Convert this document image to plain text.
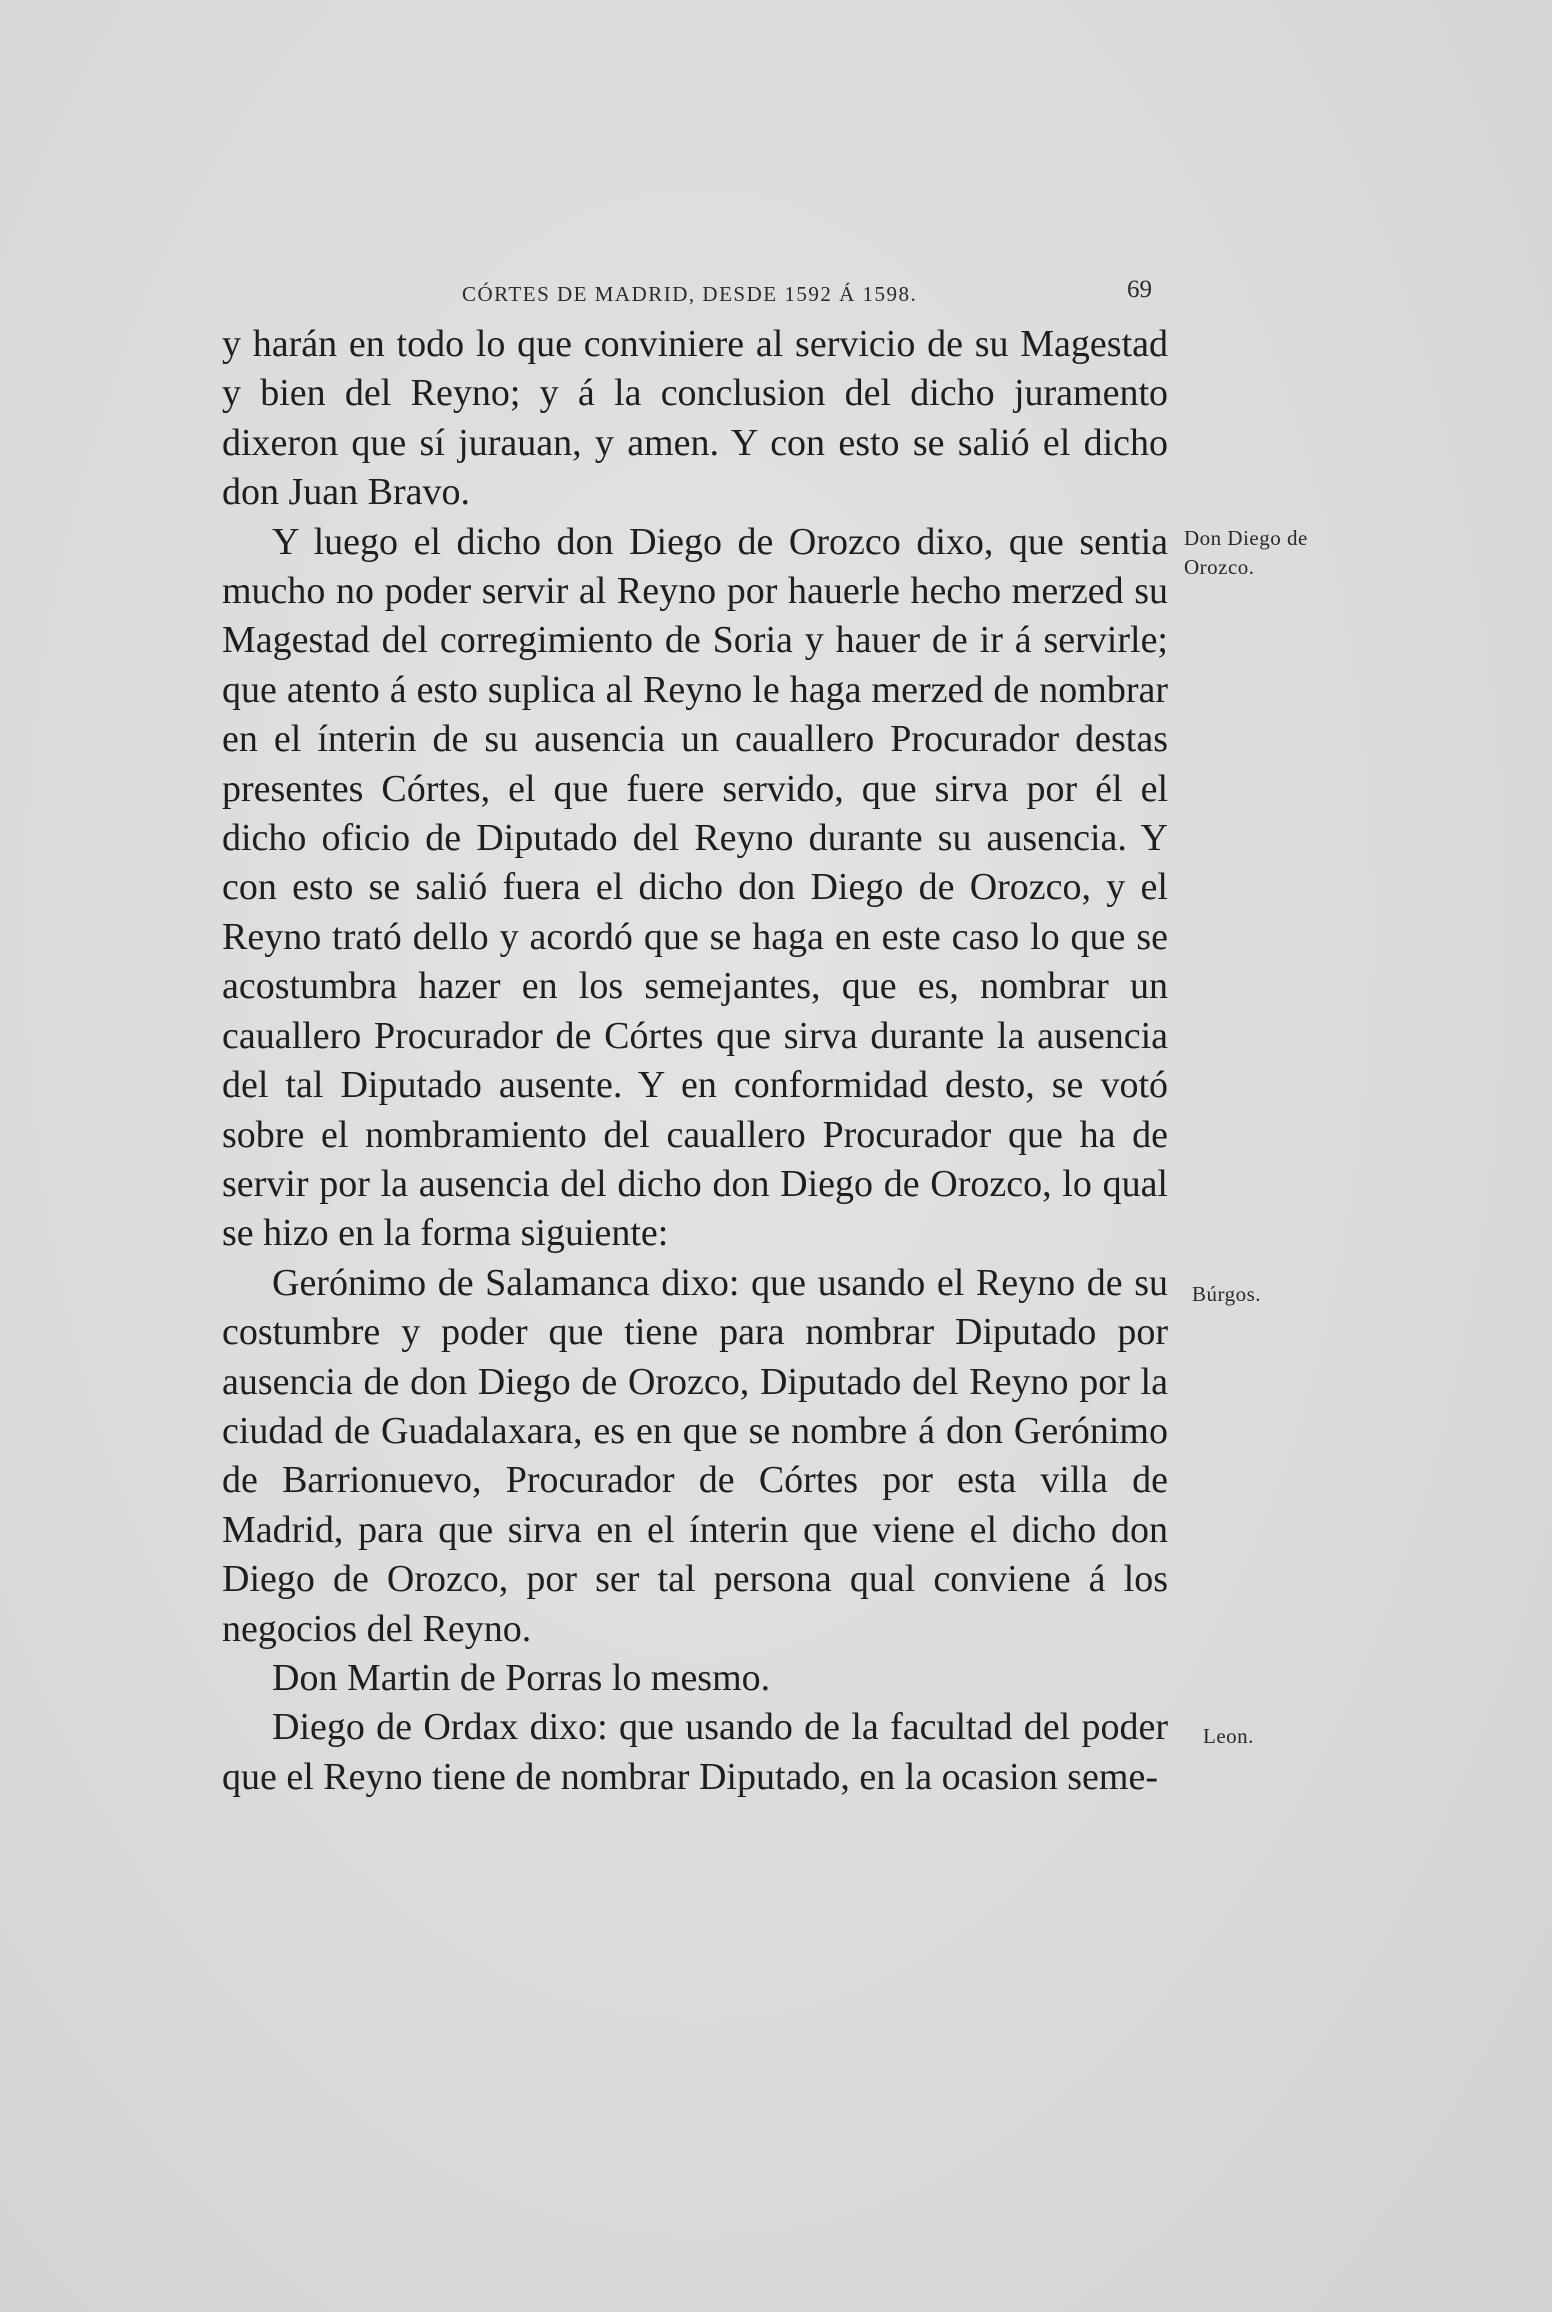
CÓRTES DE MADRID, DESDE 1592 Á 1598.	69

y harán en todo lo que conviniere al servicio de su Magestad y bien del Reyno; y á la conclusion del dicho juramento dixeron que sí jurauan, y amen. Y con esto se salió el dicho don Juan Bravo.

Y luego el dicho don Diego de Orozco dixo, que sentia mucho no poder servir al Reyno por hauerle hecho merzed su Magestad del corregimiento de Soria y hauer de ir á servirle; que atento á esto suplica al Reyno le haga merzed de nombrar en el ínterin de su ausencia un cauallero Procurador destas presentes Córtes, el que fuere servido, que sirva por él el dicho oficio de Diputado del Reyno durante su ausencia. Y con esto se salió fuera el dicho don Diego de Orozco, y el Reyno trató dello y acordó que se haga en este caso lo que se acostumbra hazer en los semejantes, que es, nombrar un cauallero Procurador de Córtes que sirva durante la ausencia del tal Diputado ausente. Y en conformidad desto, se votó sobre el nombramiento del cauallero Procurador que ha de servir por la ausencia del dicho don Diego de Orozco, lo qual se hizo en la forma siguiente:

Gerónimo de Salamanca dixo: que usando el Reyno de su costumbre y poder que tiene para nombrar Diputado por ausencia de don Diego de Orozco, Diputado del Reyno por la ciudad de Guadalaxara, es en que se nombre á don Gerónimo de Barrionuevo, Procurador de Córtes por esta villa de Madrid, para que sirva en el ínterin que viene el dicho don Diego de Orozco, por ser tal persona qual conviene á los negocios del Reyno.

Don Martin de Porras lo mesmo.

Diego de Ordax dixo: que usando de la facultad del poder que el Reyno tiene de nombrar Diputado, en la ocasion seme-

Don Diego de Orozco.
Búrgos.
Leon.
